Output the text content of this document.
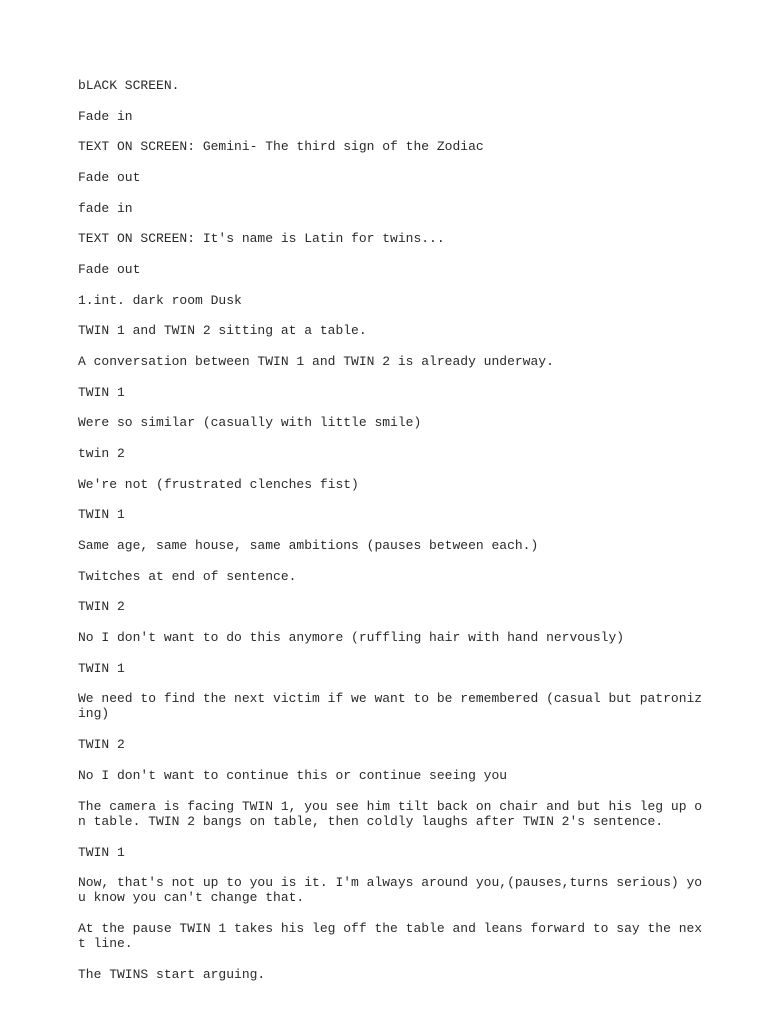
bLACK SCREEN.

Fade in

TEXT ON SCREEN: Gemini- The third sign of the Zodiac

Fade out

fade in

TEXT ON SCREEN: It's name is Latin for twins...

Fade out

1.int. dark room Dusk

TWIN 1 and TWIN 2 sitting at a table.

A conversation between TWIN 1 and TWIN 2 is already underway.

TWIN 1

Were so similar (casually with little smile)

twin 2

We're not (frustrated clenches fist)

TWIN 1

Same age, same house, same ambitions (pauses between each.)

Twitches at end of sentence.

TWIN 2

No I don't want to do this anymore (ruffling hair with hand nervously)

TWIN 1

We need to find the next victim if we want to be remembered (casual but patroniz
ing)

TWIN 2

No I don't want to continue this or continue seeing you

The camera is facing TWIN 1, you see him tilt back on chair and but his leg up o
n table. TWIN 2 bangs on table, then coldly laughs after TWIN 2's sentence.

TWIN 1

Now, that's not up to you is it. I'm always around you,(pauses,turns serious) yo
u know you can't change that.

At the pause TWIN 1 takes his leg off the table and leans forward to say the nex
t line.

The TWINS start arguing.
